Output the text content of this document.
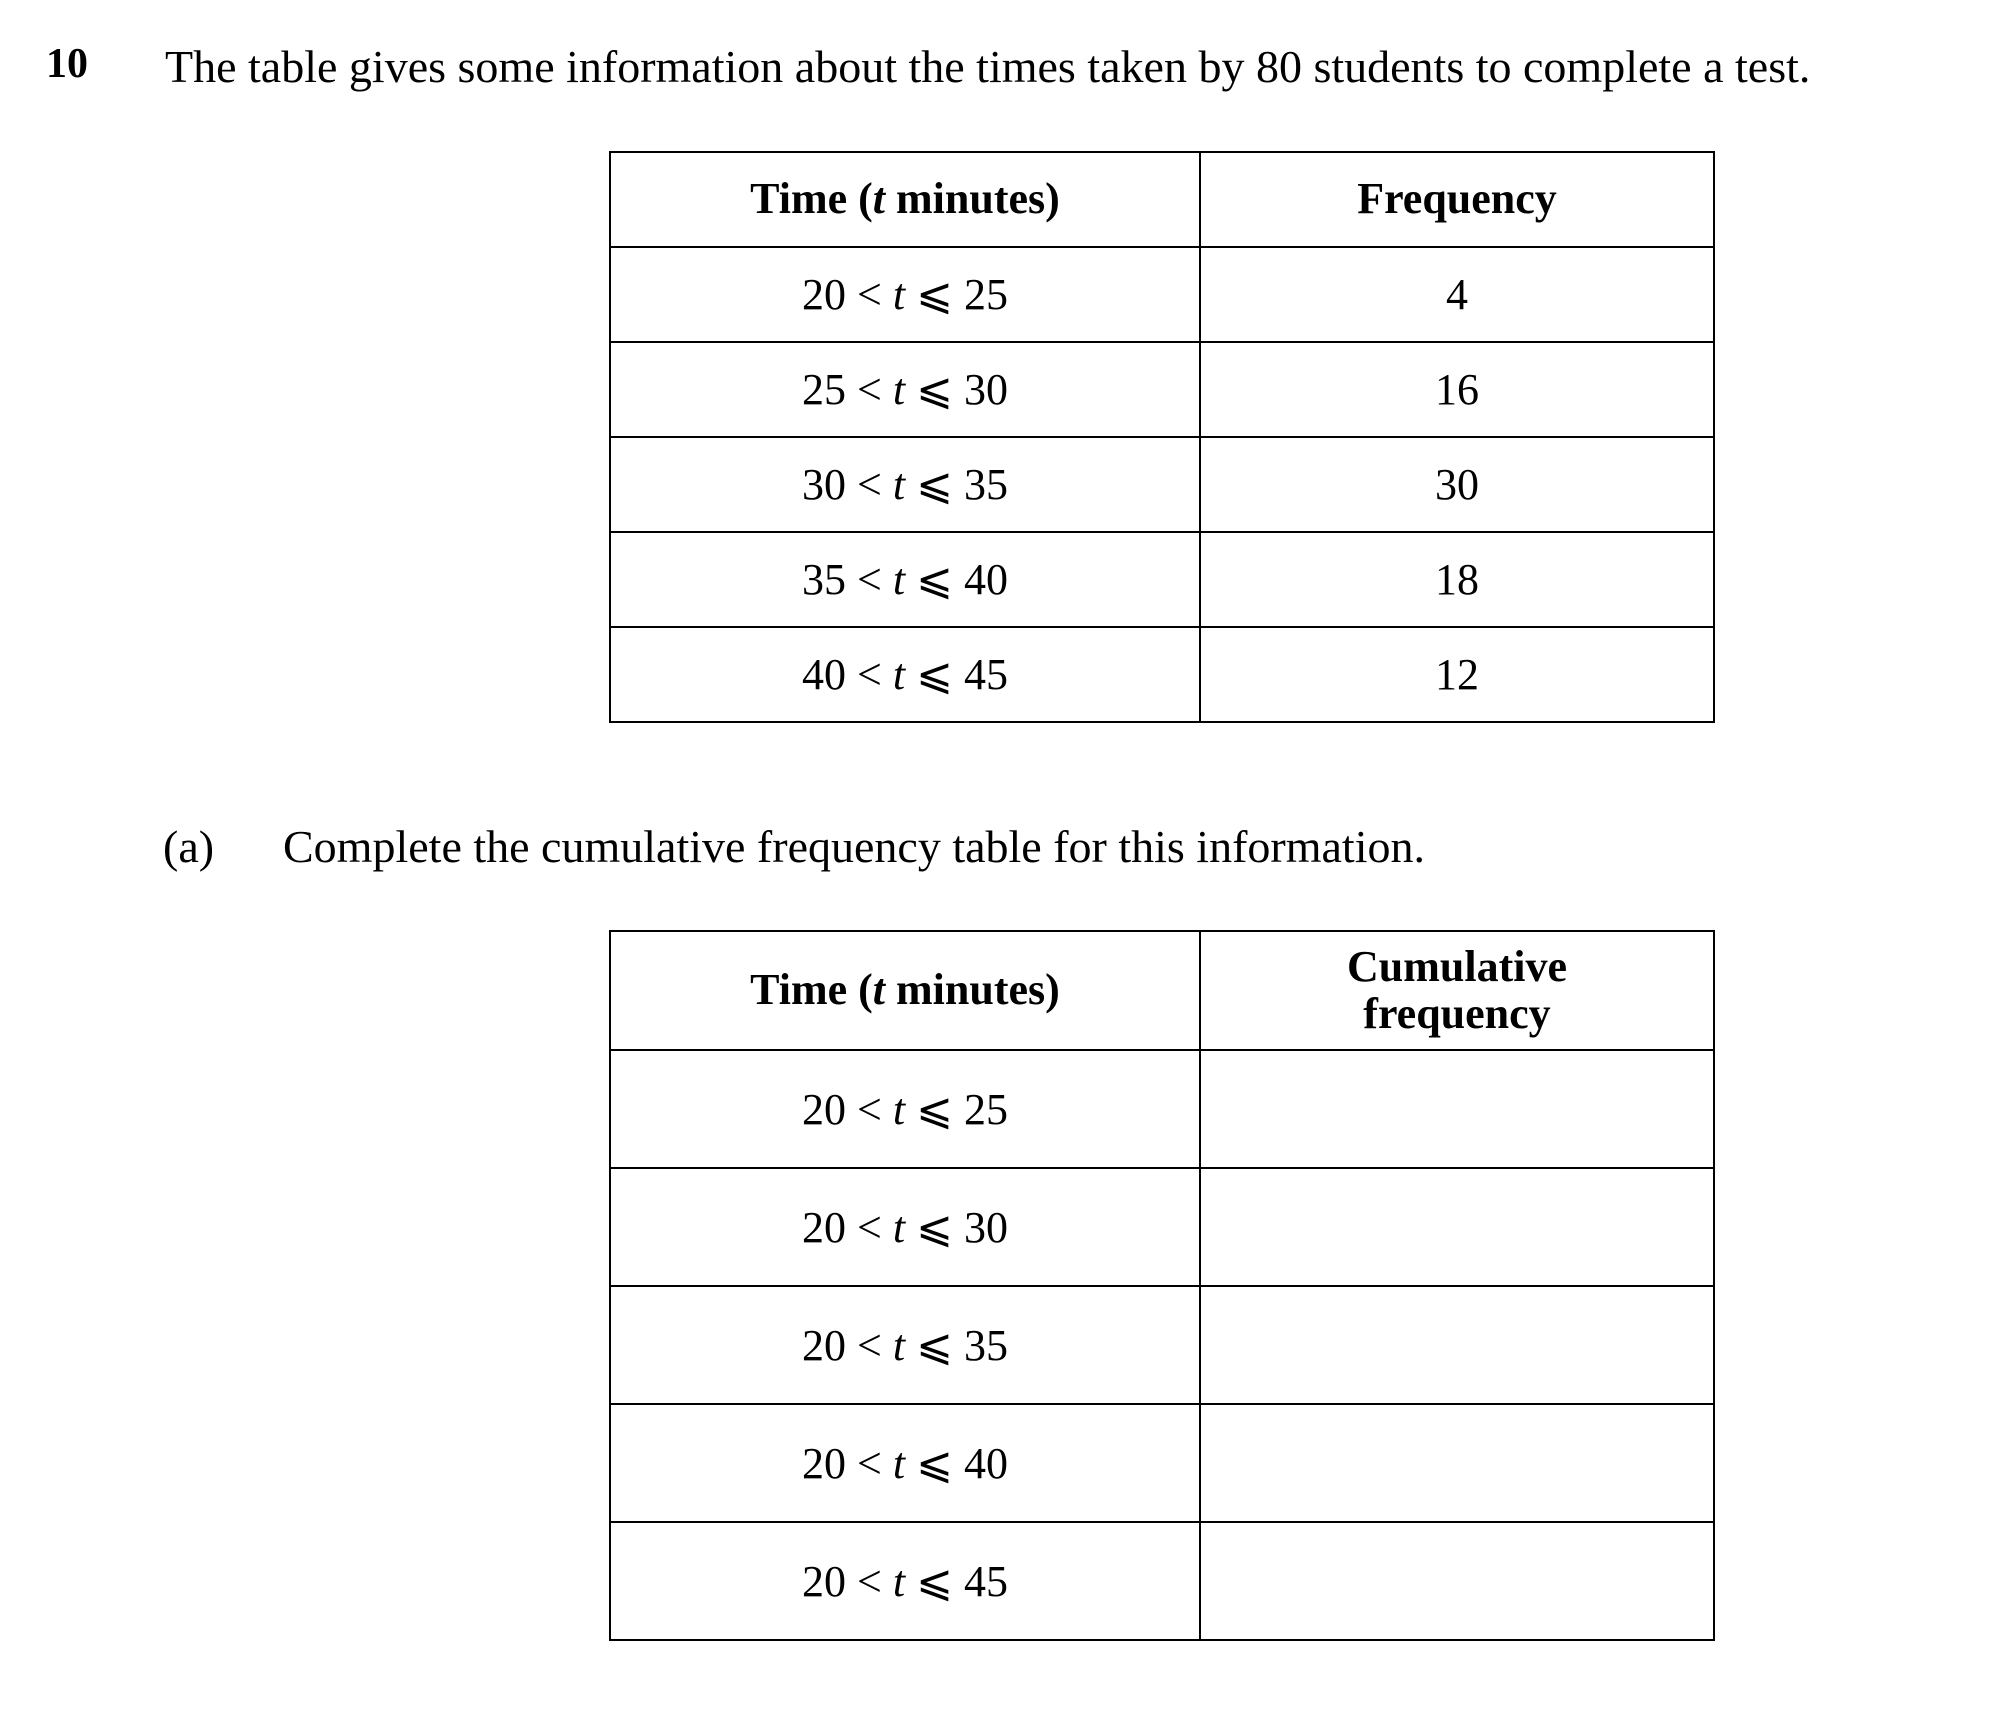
10 The table gives some information about the times taken by 80 students to complete a test.
Time (t minutes)	Frequency
20 < t ⩽ 25	4
25 < t ⩽ 30	16
30 < t ⩽ 35	30
35 < t ⩽ 40	18
40 < t ⩽ 45	12
(a) Complete the cumulative frequency table for this information.
Time (t minutes)	Cumulative
frequency
20 < t ⩽ 25	
20 < t ⩽ 30	
20 < t ⩽ 35	
20 < t ⩽ 40	
20 < t ⩽ 45	
